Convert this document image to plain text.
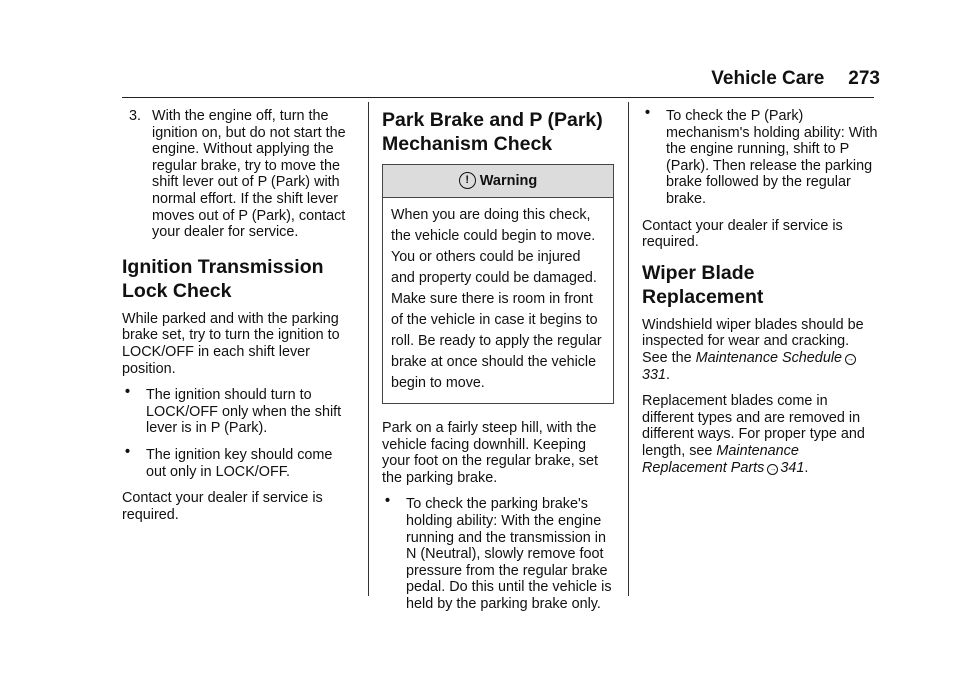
Vehicle Care 273
3. With the engine off, turn the ignition on, but do not start the engine. Without applying the regular brake, try to move the shift lever out of P (Park) with normal effort. If the shift lever moves out of P (Park), contact your dealer for service.
Ignition Transmission
Lock Check

While parked and with the parking brake set, try to turn the ignition to LOCK/OFF in each shift lever position.

• The ignition should turn to LOCK/OFF only when the shift lever is in P (Park).
• The ignition key should come out only in LOCK/OFF.

Contact your dealer if service is required.

Park Brake and P (Park)
Mechanism Check
! Warning
When you are doing this check, the vehicle could begin to move. You or others could be injured and property could be damaged. Make sure there is room in front of the vehicle in case it begins to roll. Be ready to apply the regular brake at once should the vehicle begin to move.

Park on a fairly steep hill, with the vehicle facing downhill. Keeping your foot on the regular brake, set the parking brake.

• To check the parking brake's holding ability: With the engine running and the transmission in N (Neutral), slowly remove foot pressure from the regular brake pedal. Do this until the vehicle is held by the parking brake only.
• To check the P (Park) mechanism's holding ability: With the engine running, shift to P (Park). Then release the parking brake followed by the regular brake.

Contact your dealer if service is required.

Wiper Blade Replacement

Windshield wiper blades should be inspected for wear and cracking. See the Maintenance Schedule →331.

Replacement blades come in different types and are removed in different ways. For proper type and length, see Maintenance Replacement Parts → 341.
